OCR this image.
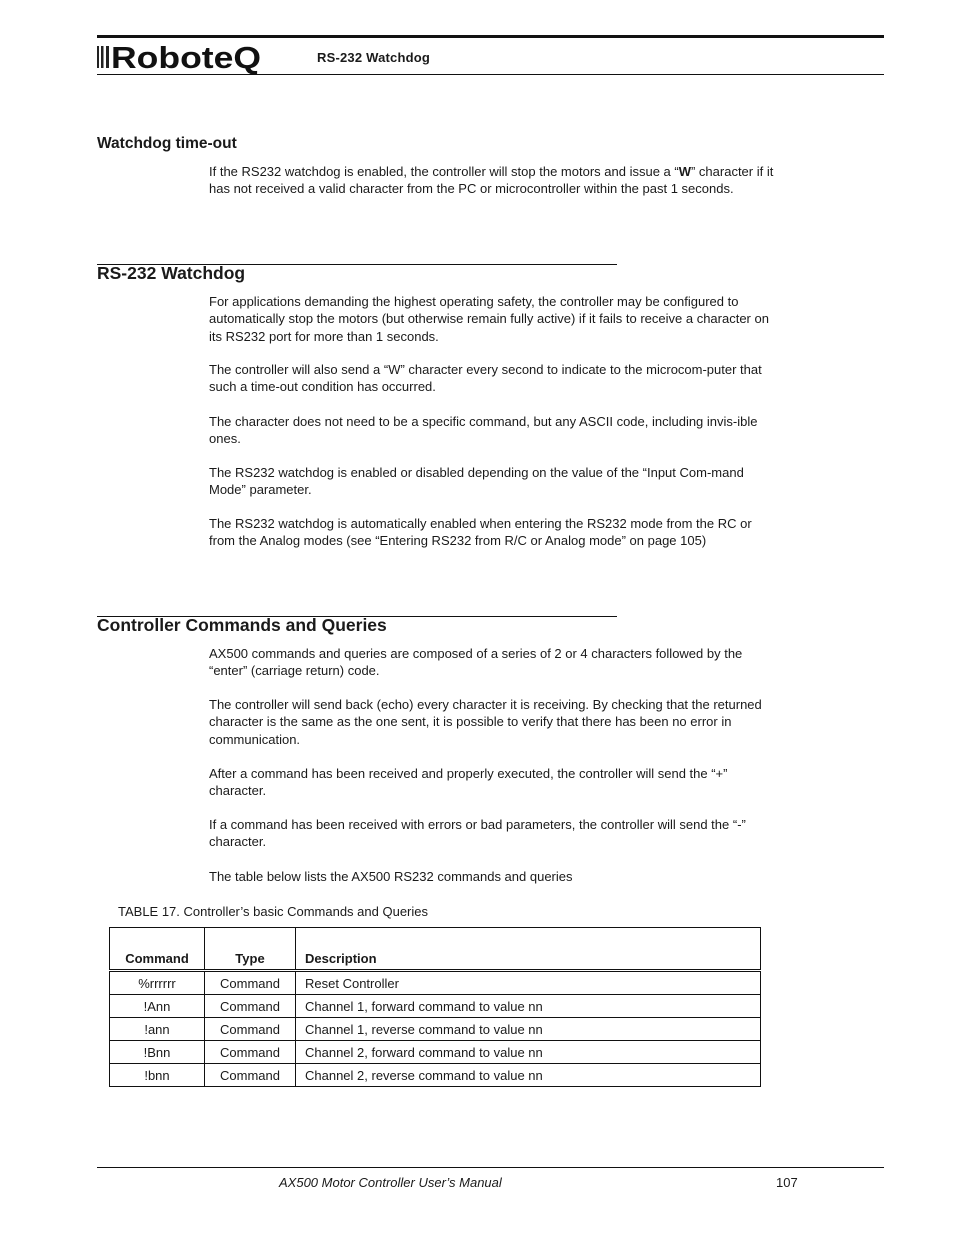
RoboteQ	RS-232 Watchdog
Watchdog time-out

If the RS232 watchdog is enabled, the controller will stop the motors and issue a “W” character if it has not received a valid character from the PC or microcontroller within the past 1 seconds.

RS-232 Watchdog

For applications demanding the highest operating safety, the controller may be configured to automatically stop the motors (but otherwise remain fully active) if it fails to receive a character on its RS232 port for more than 1 seconds.

The controller will also send a “W” character every second to indicate to the microcom-puter that such a time-out condition has occurred.

The character does not need to be a specific command, but any ASCII code, including invis-ible ones.

The RS232 watchdog is enabled or disabled depending on the value of the “Input Com-mand Mode” parameter.

The RS232 watchdog is automatically enabled when entering the RS232 mode from the RC or from the Analog modes (see “Entering RS232 from R/C or Analog mode” on page 105)

Controller Commands and Queries

AX500 commands and queries are composed of a series of 2 or 4 characters followed by the “enter” (carriage return) code.

The controller will send back (echo) every character it is receiving. By checking that the returned character is the same as the one sent, it is possible to verify that there has been no error in communication.

After a command has been received and properly executed, the controller will send the “+” character.

If a command has been received with errors or bad parameters, the controller will send the “-” character.

The table below lists the AX500 RS232 commands and queries

TABLE 17. Controller’s basic Commands and Queries
Command	Type	Description
%rrrrrr	Command	Reset Controller
!Ann	Command	Channel 1, forward command to value nn
!ann	Command	Channel 1, reverse command to value nn
!Bnn	Command	Channel 2, forward command to value nn
!bnn	Command	Channel 2, reverse command to value nn
AX500 Motor Controller User’s Manual	107
